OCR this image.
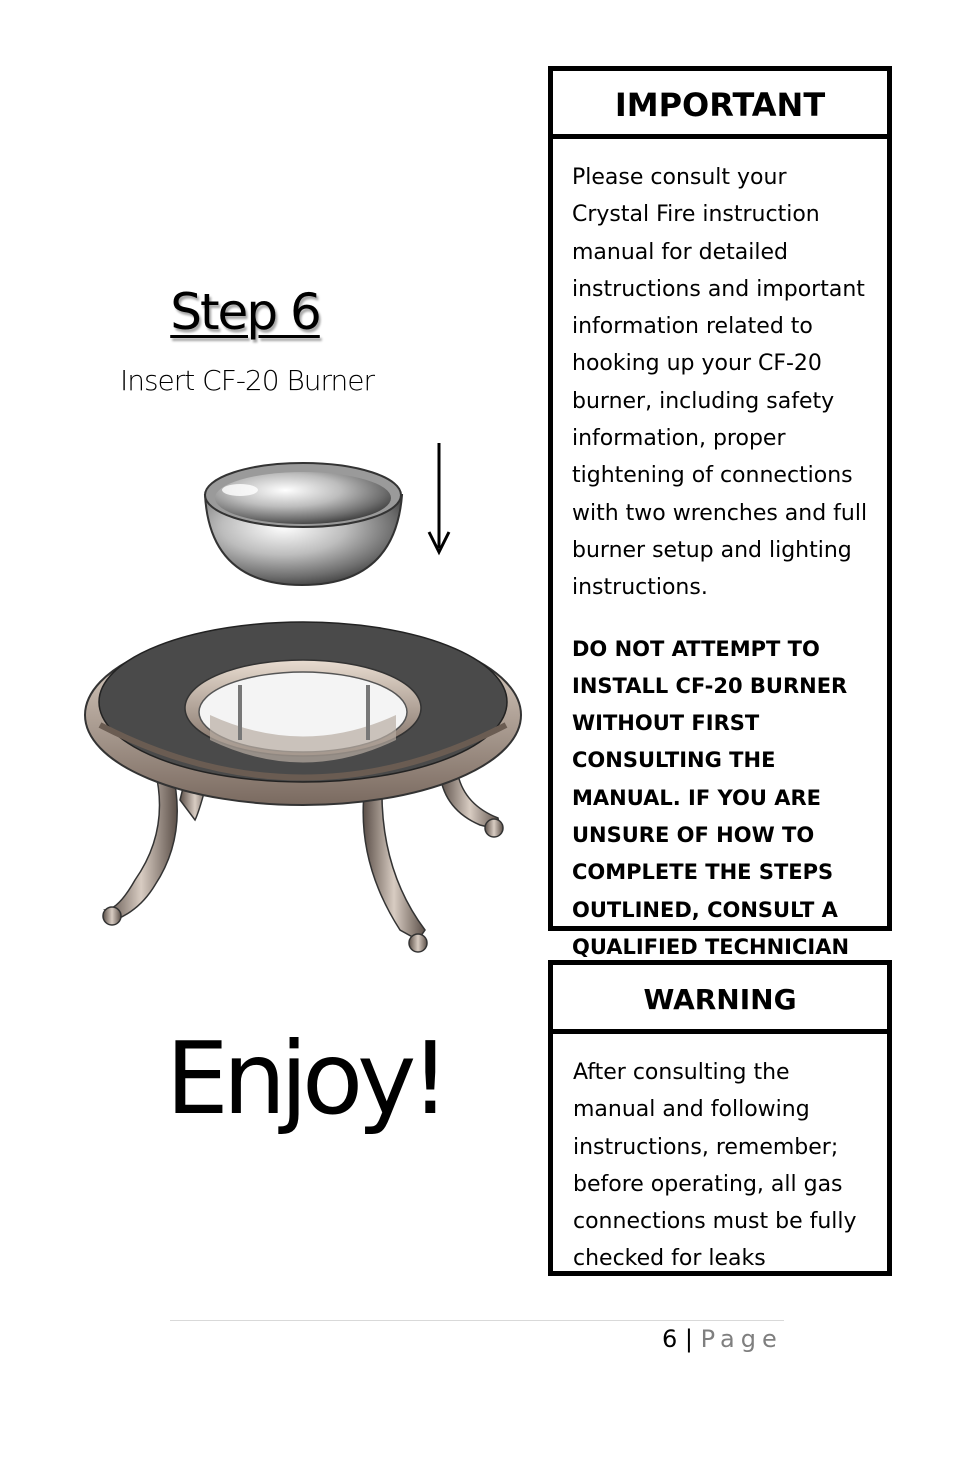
Step 6
Insert CF-20 Burner
Enjoy!
IMPORTANT
Please consult your Crystal Fire instruction manual for detailed instructions and important information related to hooking up your CF-20 burner, including safety information, proper tightening of connections with two wrenches and full burner setup and lighting instructions.
DO NOT ATTEMPT TO INSTALL CF-20 BURNER WITHOUT FIRST CONSULTING THE MANUAL. IF YOU ARE UNSURE OF HOW TO COMPLETE THE STEPS OUTLINED, CONSULT A QUALIFIED TECHNICIAN
WARNING
After consulting the manual and following instructions, remember; before operating, all gas connections must be fully checked for leaks
6 | Page
